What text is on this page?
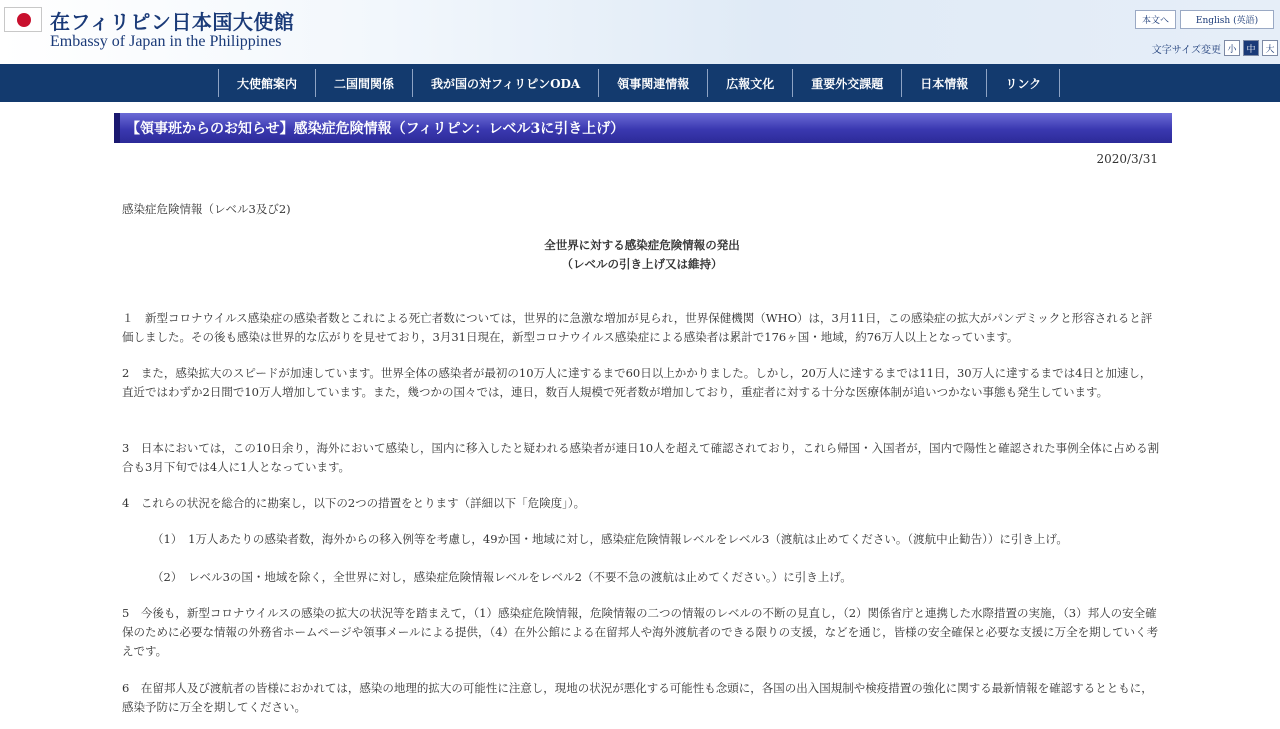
在フィリピン日本国大使館
Embassy of Japan in the Philippines
本文へ	English (英語)
文字サイズ変更 小	中	大
大使館案内	二国間関係	我が国の対フィリピンODA	領事関連情報	広報文化	重要外交課題	日本情報	リンク
【領事班からのお知らせ】感染症危険情報（フィリピン：レベル3に引き上げ）
2020/3/31
感染症危険情報（レベル3及び2)
全世界に対する感染症危険情報の発出
（レベルの引き上げ又は維持）
１　新型コロナウイルス感染症の感染者数とこれによる死亡者数については，世界的に急激な増加が見られ，世界保健機関（WHO）は，3月11日，この感染症の拡大がパンデミックと形容されると評価しました。その後も感染は世界的な広がりを見せており，3月31日現在，新型コロナウイルス感染症による感染者は累計で176ヶ国・地域，約76万人以上となっています。
2　また，感染拡大のスピードが加速しています。世界全体の感染者が最初の10万人に達するまで60日以上かかりました。しかし，20万人に達するまでは11日，30万人に達するまでは4日と加速し，直近ではわずか2日間で10万人増加しています。また，幾つかの国々では，連日，数百人規模で死者数が増加しており，重症者に対する十分な医療体制が追いつかない事態も発生しています。
3　日本においては，この10日余り，海外において感染し，国内に移入したと疑われる感染者が連日10人を超えて確認されており，これら帰国・入国者が，国内で陽性と確認された事例全体に占める割合も3月下旬では4人に1人となっています。
4　これらの状況を総合的に勘案し，以下の2つの措置をとります（詳細以下「危険度」）。
（1）　1万人あたりの感染者数，海外からの移入例等を考慮し，49か国・地域に対し，感染症危険情報レベルをレベル3（渡航は止めてください。（渡航中止勧告））に引き上げ。
（2）　レベル3の国・地域を除く，全世界に対し，感染症危険情報レベルをレベル2（不要不急の渡航は止めてください。）に引き上げ。
5　今後も，新型コロナウイルスの感染の拡大の状況等を踏まえて，（1）感染症危険情報，危険情報の二つの情報のレベルの不断の見直し，（2）関係省庁と連携した水際措置の実施，（3）邦人の安全確保のために必要な情報の外務省ホームページや領事メールによる提供，（4）在外公館による在留邦人や海外渡航者のできる限りの支援，などを通じ，皆様の安全確保と必要な支援に万全を期していく考えです。
6　在留邦人及び渡航者の皆様におかれては，感染の地理的拡大の可能性に注意し，現地の状況が悪化する可能性も念頭に，各国の出入国規制や検疫措置の強化に関する最新情報を確認するとともに，感染予防に万全を期してください。
